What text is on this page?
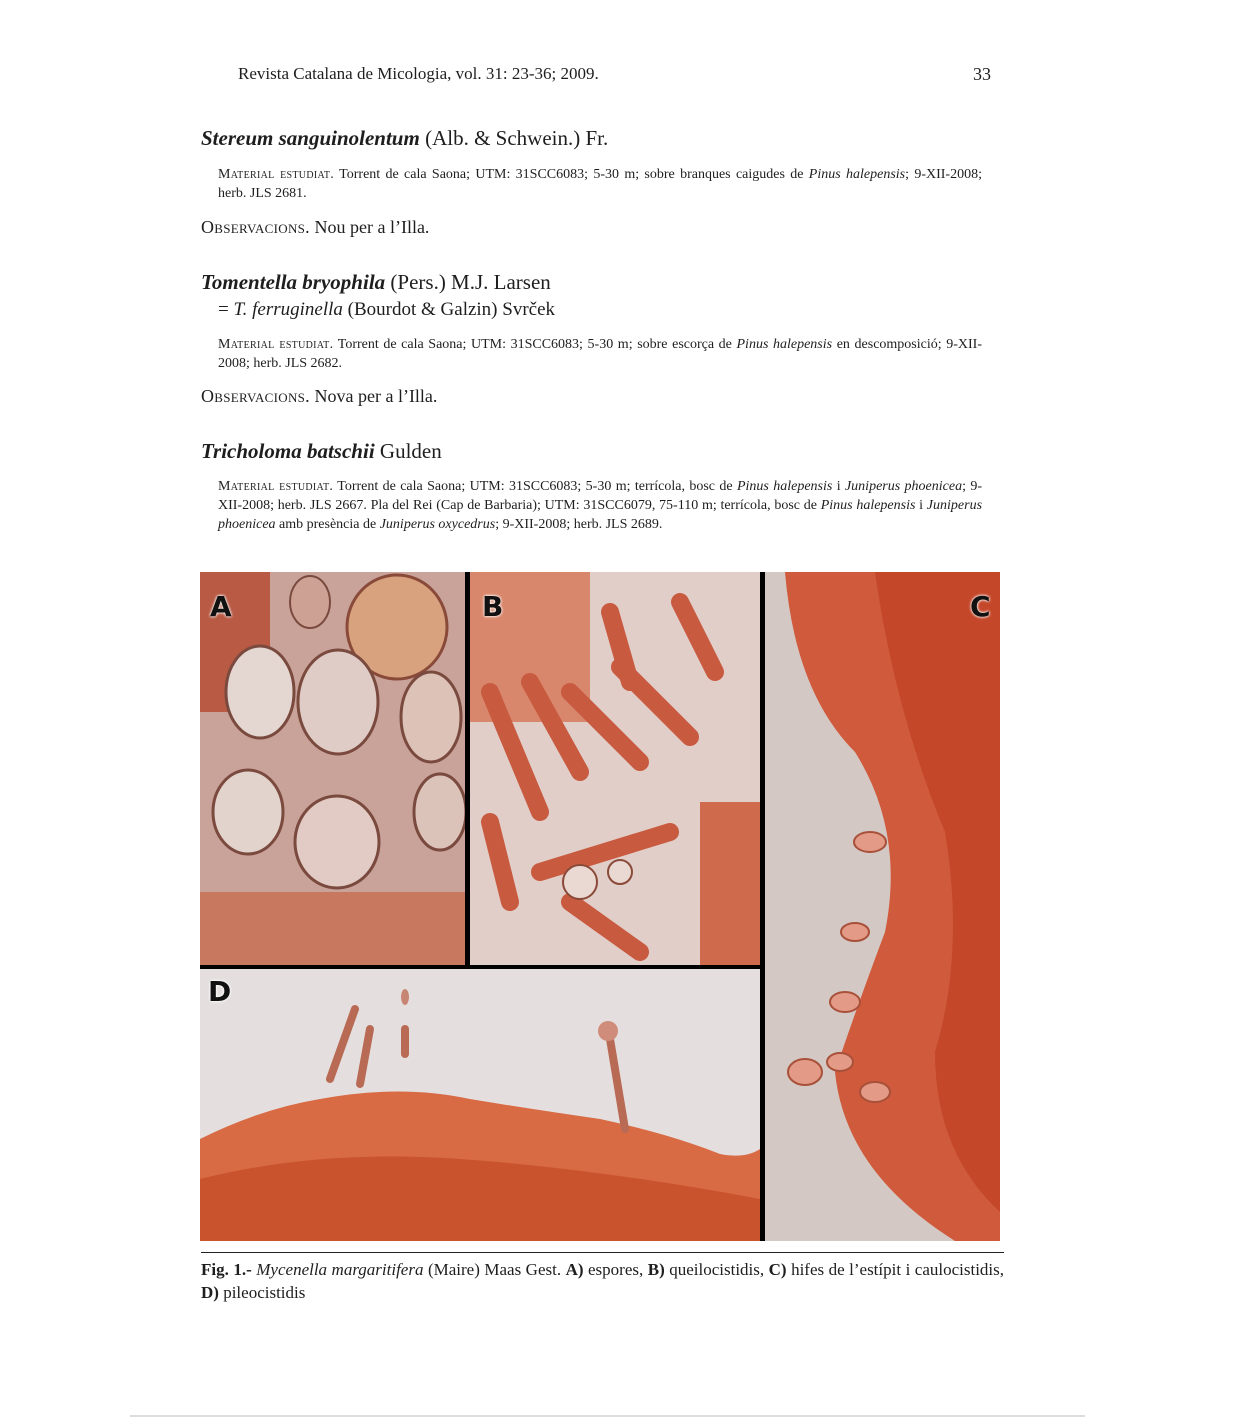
Revista Catalana de Micologia, vol. 31: 23-36; 2009.	33
Stereum sanguinolentum (Alb. & Schwein.) Fr.
Material estudiat. Torrent de cala Saona; UTM: 31SCC6083; 5-30 m; sobre branques caigudes de Pinus halepensis; 9-XII-2008; herb. JLS 2681.
Observacions. Nou per a l’Illa.
Tomentella bryophila (Pers.) M.J. Larsen
= T. ferruginella (Bourdot & Galzin) Svrček
Material estudiat. Torrent de cala Saona; UTM: 31SCC6083; 5-30 m; sobre escorça de Pinus halepensis en descomposició; 9-XII-2008; herb. JLS 2682.
Observacions. Nova per a l’Illa.
Tricholoma batschii Gulden
Material estudiat. Torrent de cala Saona; UTM: 31SCC6083; 5-30 m; terrícola, bosc de Pinus halepensis i Juniperus phoenicea; 9-XII-2008; herb. JLS 2667. Pla del Rei (Cap de Barbaria); UTM: 31SCC6079, 75-110 m; terrícola, bosc de Pinus halepensis i Juniperus phoenicea amb presència de Juniperus oxycedrus; 9-XII-2008; herb. JLS 2689.
A	B	C
D
Fig. 1.- Mycenella margaritifera (Maire) Maas Gest. A) espores, B) queilocistidis, C) hifes de l’estípit i caulocistidis, D) pileocistidis
